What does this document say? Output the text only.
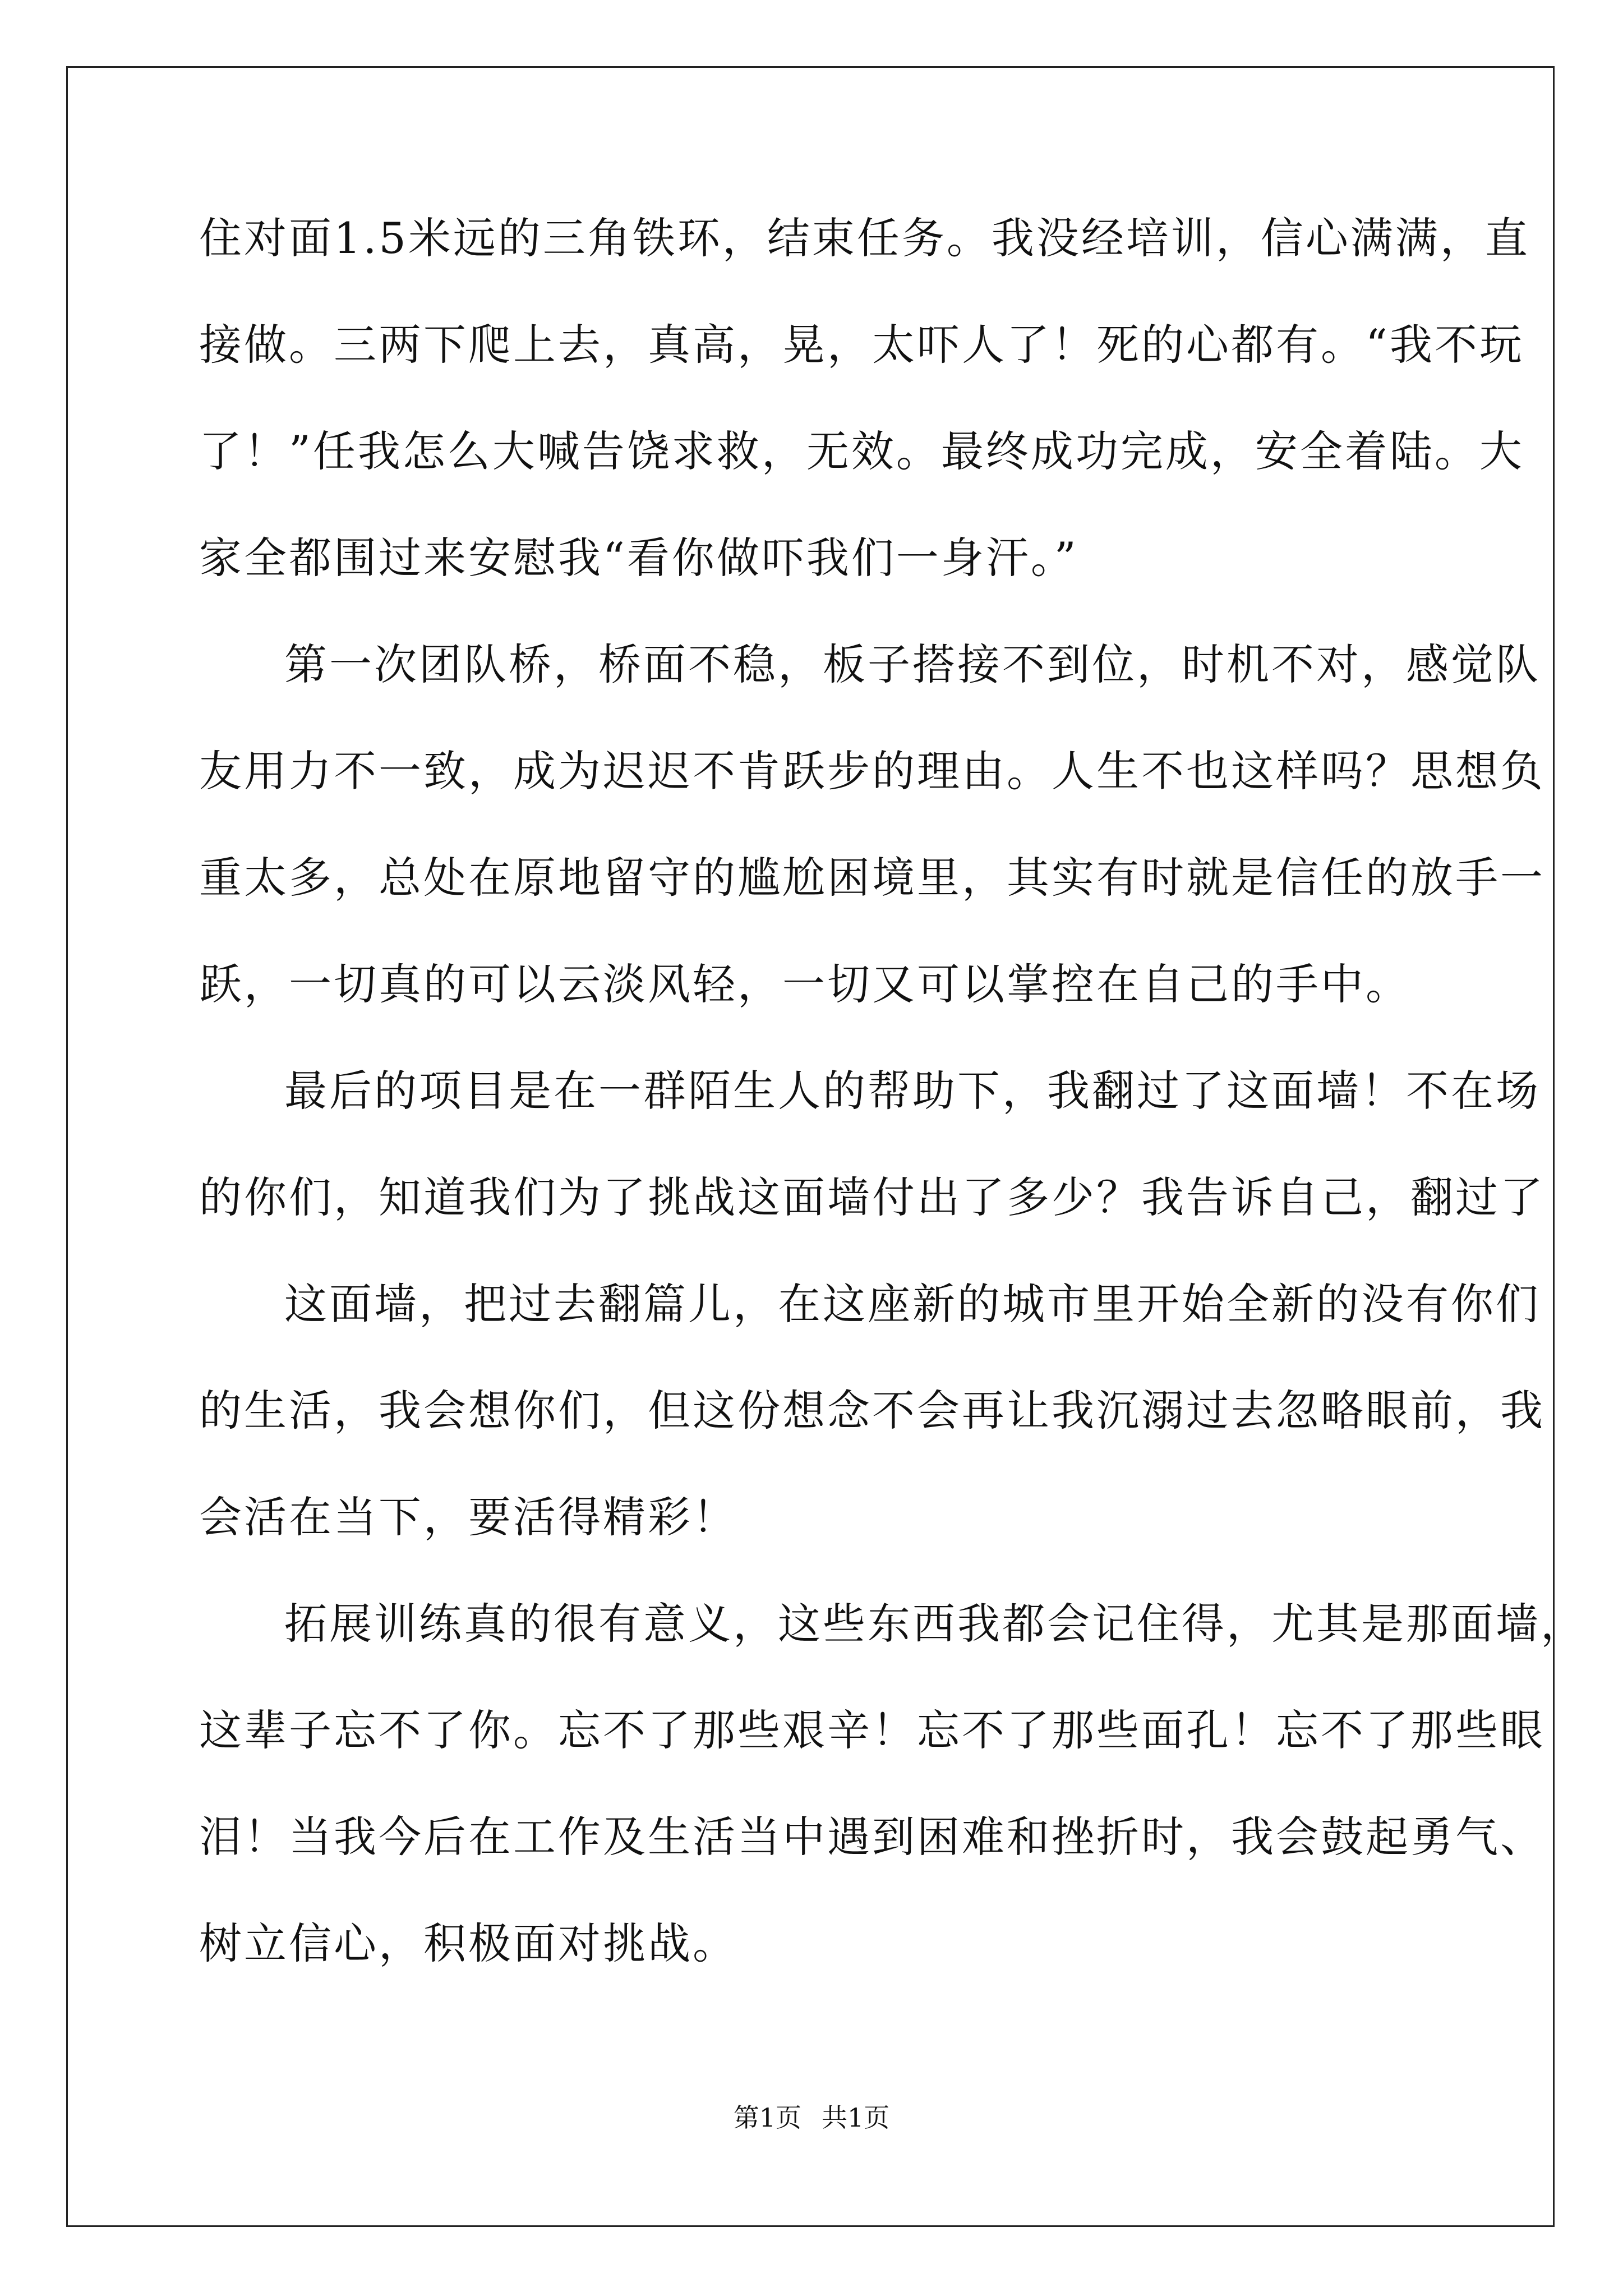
住对面1.5米远的三角铁环，结束任务。我没经培训，信心满满，直
接做。三两下爬上去，真高，晃，太吓人了！死的心都有。“我不玩
了！”任我怎么大喊告饶求救，无效。最终成功完成，安全着陆。大
家全都围过来安慰我“看你做吓我们一身汗。”
第一次团队桥，桥面不稳，板子搭接不到位，时机不对，感觉队
友用力不一致，成为迟迟不肯跃步的理由。人生不也这样吗？思想负
重太多，总处在原地留守的尴尬困境里，其实有时就是信任的放手一
跃，一切真的可以云淡风轻，一切又可以掌控在自己的手中。
最后的项目是在一群陌生人的帮助下，我翻过了这面墙！不在场
的你们，知道我们为了挑战这面墙付出了多少？我告诉自己，翻过了
这面墙，把过去翻篇儿，在这座新的城市里开始全新的没有你们
的生活，我会想你们，但这份想念不会再让我沉溺过去忽略眼前，我
会活在当下，要活得精彩！
拓展训练真的很有意义，这些东西我都会记住得，尤其是那面墙，
这辈子忘不了你。忘不了那些艰辛！忘不了那些面孔！忘不了那些眼
泪！当我今后在工作及生活当中遇到困难和挫折时，我会鼓起勇气、
树立信心，积极面对挑战。
第1页 共1页
